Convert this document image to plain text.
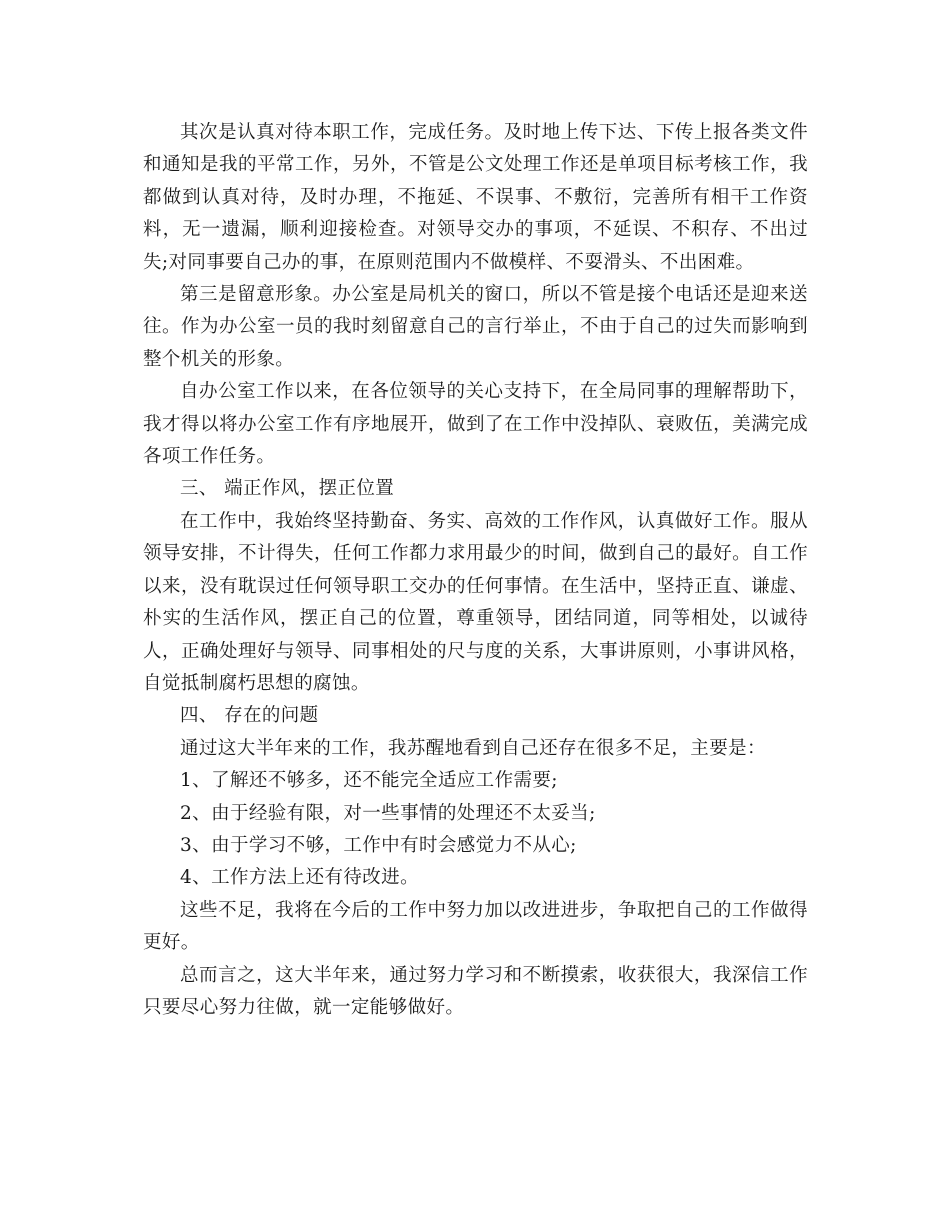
其次是认真对待本职工作，完成任务。及时地上传下达、下传上报各类文件和通知是我的平常工作，另外，不管是公文处理工作还是单项目标考核工作，我都做到认真对待，及时办理，不拖延、不误事、不敷衍，完善所有相干工作资料，无一遗漏，顺利迎接检查。对领导交办的事项，不延误、不积存、不出过失;对同事要自己办的事，在原则范围内不做模样、不耍滑头、不出困难。

第三是留意形象。办公室是局机关的窗口，所以不管是接个电话还是迎来送往。作为办公室一员的我时刻留意自己的言行举止，不由于自己的过失而影响到整个机关的形象。

自办公室工作以来，在各位领导的关心支持下，在全局同事的理解帮助下，我才得以将办公室工作有序地展开，做到了在工作中没掉队、衰败伍，美满完成各项工作任务。

三、 端正作风，摆正位置

在工作中，我始终坚持勤奋、务实、高效的工作作风，认真做好工作。服从领导安排，不计得失，任何工作都力求用最少的时间，做到自己的最好。自工作以来，没有耽误过任何领导职工交办的任何事情。在生活中，坚持正直、谦虚、朴实的生活作风，摆正自己的位置，尊重领导，团结同道，同等相处，以诚待人，正确处理好与领导、同事相处的尺与度的关系，大事讲原则，小事讲风格，自觉抵制腐朽思想的腐蚀。

四、 存在的问题

通过这大半年来的工作，我苏醒地看到自己还存在很多不足，主要是：

1、了解还不够多，还不能完全适应工作需要;

2、由于经验有限，对一些事情的处理还不太妥当;

3、由于学习不够，工作中有时会感觉力不从心;

4、工作方法上还有待改进。

这些不足，我将在今后的工作中努力加以改进进步，争取把自己的工作做得更好。

总而言之，这大半年来，通过努力学习和不断摸索，收获很大，我深信工作只要尽心努力往做，就一定能够做好。
